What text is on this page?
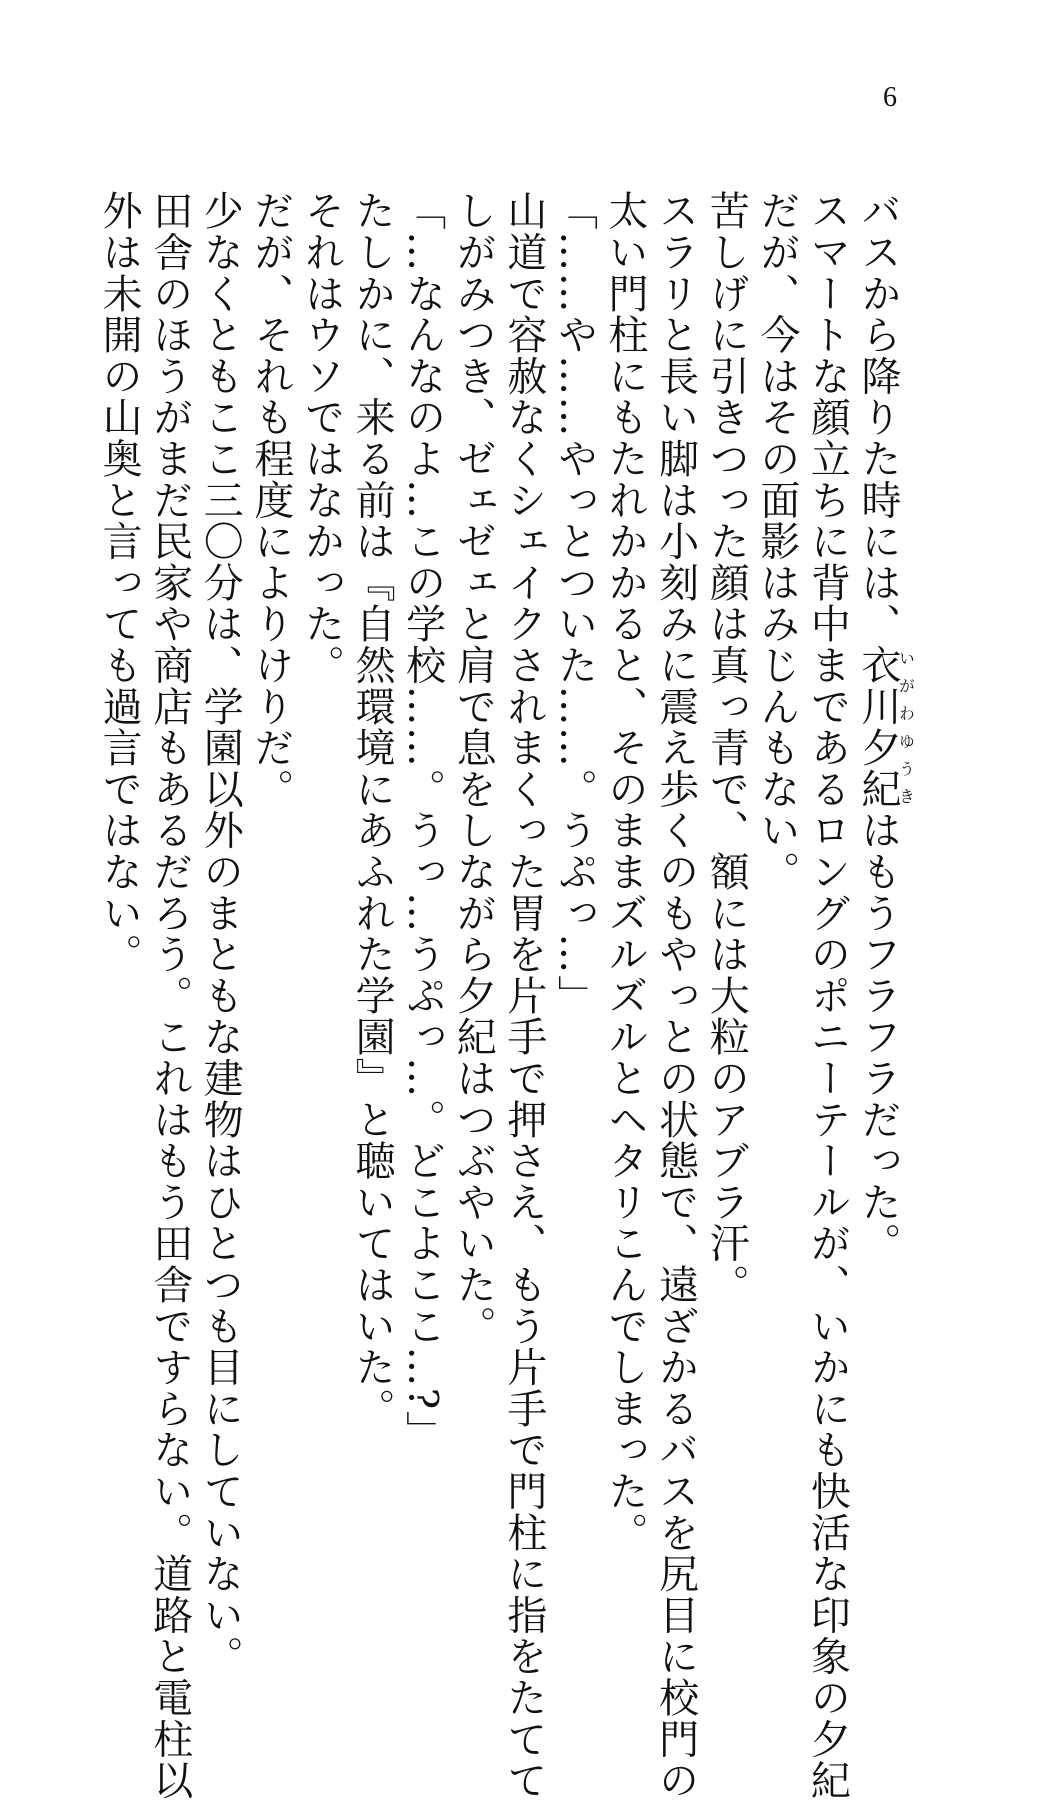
6
バスから降りた時には、衣川夕紀いがわゆうきはもうフラフラだった。
スマートな顔立ちに背中まであるロングのポニーテールが、いかにも快活な印象の夕紀
だが、今はその面影はみじんもない。
苦しげに引きつった顔は真っ青で、額には大粒のアブラ汗。
スラリと長い脚は小刻みに震え歩くのもやっとの状態で、遠ざかるバスを尻目に校門の
太い門柱にもたれかかると、そのままズルズルとヘタリこんでしまった。
「……や……やっとついた……。うぷっ…」
山道で容赦なくシェイクされまくった胃を片手で押さえ、もう片手で門柱に指をたてて
しがみつき、ゼェゼェと肩で息をしながら夕紀はつぶやいた。
「…なんなのよ…この学校……。うっ…うぷっ…。どこよここ…?」
たしかに、来る前は『自然環境にあふれた学園』と聴いてはいた。
それはウソではなかった。
だが、それも程度によりけりだ。
少なくともここ三〇分は、学園以外のまともな建物はひとつも目にしていない。
田舎のほうがまだ民家や商店もあるだろう。これはもう田舎ですらない。道路と電柱以
外は未開の山奥と言っても過言ではない。
